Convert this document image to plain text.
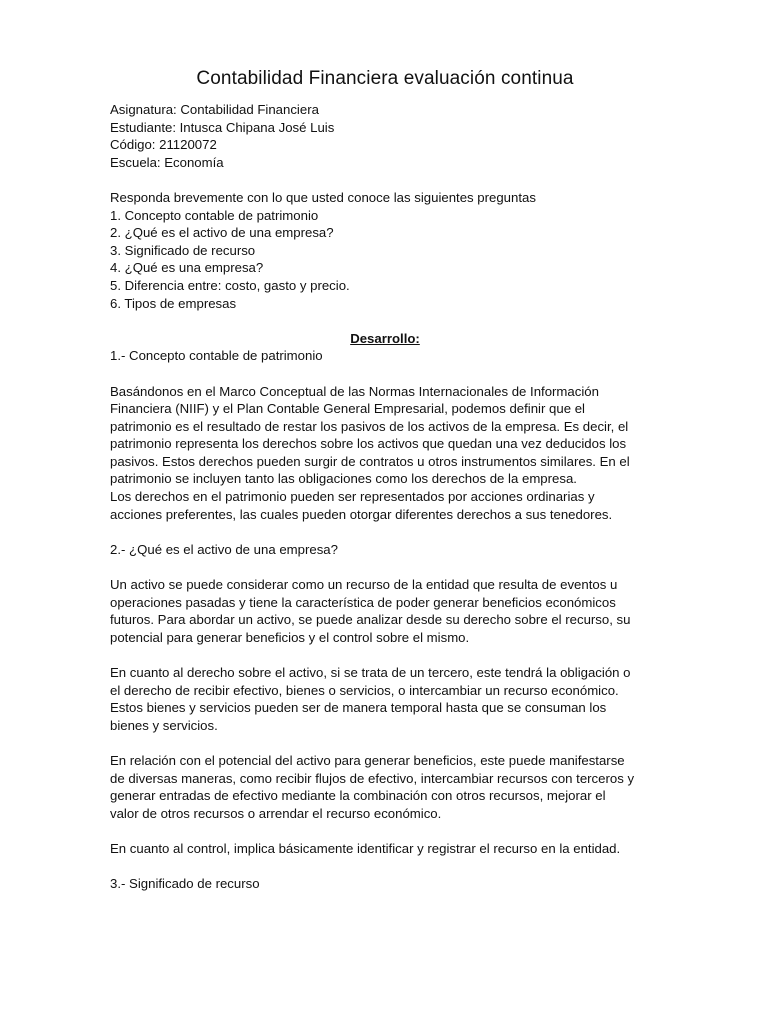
Contabilidad Financiera evaluación continua
Asignatura: Contabilidad Financiera
Estudiante: Intusca Chipana José Luis
Código: 21120072
Escuela: Economía
Responda brevemente con lo que usted conoce las siguientes preguntas
1. Concepto contable de patrimonio
2. ¿Qué es el activo de una empresa?
3. Significado de recurso
4. ¿Qué es una empresa?
5. Diferencia entre: costo, gasto y precio.
6. Tipos de empresas
Desarrollo:
1.- Concepto contable de patrimonio
Basándonos en el Marco Conceptual de las Normas Internacionales de Información
Financiera (NIIF) y el Plan Contable General Empresarial, podemos definir que el
patrimonio es el resultado de restar los pasivos de los activos de la empresa. Es decir, el
patrimonio representa los derechos sobre los activos que quedan una vez deducidos los
pasivos. Estos derechos pueden surgir de contratos u otros instrumentos similares. En el
patrimonio se incluyen tanto las obligaciones como los derechos de la empresa.
Los derechos en el patrimonio pueden ser representados por acciones ordinarias y
acciones preferentes, las cuales pueden otorgar diferentes derechos a sus tenedores.
2.- ¿Qué es el activo de una empresa?
Un activo se puede considerar como un recurso de la entidad que resulta de eventos u
operaciones pasadas y tiene la característica de poder generar beneficios económicos
futuros. Para abordar un activo, se puede analizar desde su derecho sobre el recurso, su
potencial para generar beneficios y el control sobre el mismo.
En cuanto al derecho sobre el activo, si se trata de un tercero, este tendrá la obligación o
el derecho de recibir efectivo, bienes o servicios, o intercambiar un recurso económico.
Estos bienes y servicios pueden ser de manera temporal hasta que se consuman los
bienes y servicios.
En relación con el potencial del activo para generar beneficios, este puede manifestarse
de diversas maneras, como recibir flujos de efectivo, intercambiar recursos con terceros y
generar entradas de efectivo mediante la combinación con otros recursos, mejorar el
valor de otros recursos o arrendar el recurso económico.
En cuanto al control, implica básicamente identificar y registrar el recurso en la entidad.
3.- Significado de recurso
